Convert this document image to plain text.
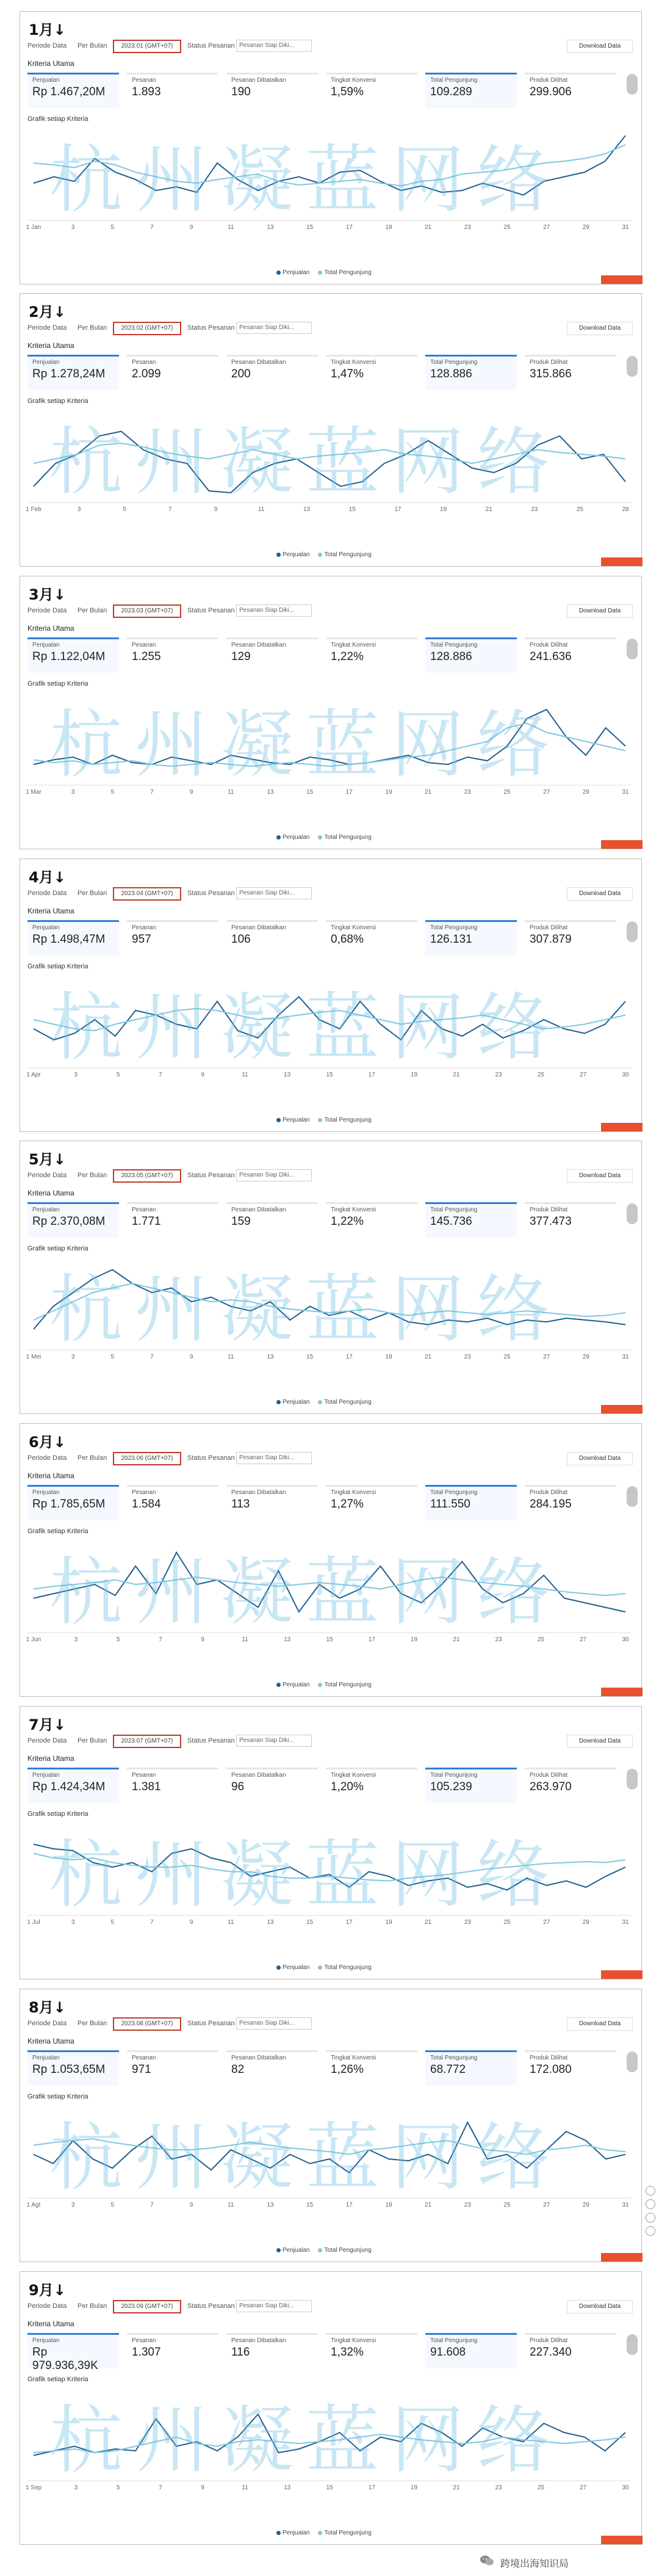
1月↓
Periode Data Per Bulan	2023.01 (GMT+07)	Status Pesanan Pesanan Siap Diki...	Download Data
Kriteria Utama
Penjualan
Rp 1.467,20M
Pesanan
1.893
Pesanan Dibatalkan
190
Tingkat Konversi
1,59%
Total Pengunjung
109.289
Produk Dilihat
299.906
Grafik setiap Kriteria
1 Jan	3	5	7	9	11	13	15	17	19	21	23	25	27	29	31
Penjualan Total Pengunjung
杭州凝蓝网络
2月↓
Periode Data Per Bulan	2023.02 (GMT+07)	Status Pesanan Pesanan Siap Diki...	Download Data
Kriteria Utama
Penjualan
Rp 1.278,24M
Pesanan
2.099
Pesanan Dibatalkan
200
Tingkat Konversi
1,47%
Total Pengunjung
128.886
Produk Dilihat
315.866
Grafik setiap Kriteria
1 Feb	3	5	7	9	11	13	15	17	19	21	23	25	28
Penjualan Total Pengunjung
杭州凝蓝网络
3月↓
Periode Data Per Bulan	2023.03 (GMT+07)	Status Pesanan Pesanan Siap Diki...	Download Data
Kriteria Utama
Penjualan
Rp 1.122,04M
Pesanan
1.255
Pesanan Dibatalkan
129
Tingkat Konversi
1,22%
Total Pengunjung
128.886
Produk Dilihat
241.636
Grafik setiap Kriteria
1 Mar	3	5	7	9	11	13	15	17	19	21	23	25	27	29	31
Penjualan Total Pengunjung
杭州凝蓝网络
4月↓
Periode Data Per Bulan	2023.04 (GMT+07)	Status Pesanan Pesanan Siap Diki...	Download Data
Kriteria Utama
Penjualan
Rp 1.498,47M
Pesanan
957
Pesanan Dibatalkan
106
Tingkat Konversi
0,68%
Total Pengunjung
126.131
Produk Dilihat
307.879
Grafik setiap Kriteria
1 Apr	3	5	7	9	11	13	15	17	19	21	23	25	27	30
Penjualan Total Pengunjung
杭州凝蓝网络
5月↓
Periode Data Per Bulan	2023.05 (GMT+07)	Status Pesanan Pesanan Siap Diki...	Download Data
Kriteria Utama
Penjualan
Rp 2.370,08M
Pesanan
1.771
Pesanan Dibatalkan
159
Tingkat Konversi
1,22%
Total Pengunjung
145.736
Produk Dilihat
377.473
Grafik setiap Kriteria
1 Mei	3	5	7	9	11	13	15	17	19	21	23	25	27	29	31
Penjualan Total Pengunjung
杭州凝蓝网络
6月↓
Periode Data Per Bulan	2023.06 (GMT+07)	Status Pesanan Pesanan Siap Diki...	Download Data
Kriteria Utama
Penjualan
Rp 1.785,65M
Pesanan
1.584
Pesanan Dibatalkan
113
Tingkat Konversi
1,27%
Total Pengunjung
111.550
Produk Dilihat
284.195
Grafik setiap Kriteria
1 Jun	3	5	7	9	11	13	15	17	19	21	23	25	27	30
Penjualan Total Pengunjung
杭州凝蓝网络
7月↓
Periode Data Per Bulan	2023.07 (GMT+07)	Status Pesanan Pesanan Siap Diki...	Download Data
Kriteria Utama
Penjualan
Rp 1.424,34M
Pesanan
1.381
Pesanan Dibatalkan
96
Tingkat Konversi
1,20%
Total Pengunjung
105.239
Produk Dilihat
263.970
Grafik setiap Kriteria
1 Jul	3	5	7	9	11	13	15	17	19	21	23	25	27	29	31
Penjualan Total Pengunjung
杭州凝蓝网络
8月↓
Periode Data Per Bulan	2023.08 (GMT+07)	Status Pesanan Pesanan Siap Diki...	Download Data
Kriteria Utama
Penjualan
Rp 1.053,65M
Pesanan
971
Pesanan Dibatalkan
82
Tingkat Konversi
1,26%
Total Pengunjung
68.772
Produk Dilihat
172.080
Grafik setiap Kriteria
1 Agt	3	5	7	9	11	13	15	17	19	21	23	25	27	29	31
Penjualan Total Pengunjung
杭州凝蓝网络
9月↓
Periode Data Per Bulan	2023.09 (GMT+07)	Status Pesanan Pesanan Siap Diki...	Download Data
Kriteria Utama
Penjualan
Rp 979.936,39K
Pesanan
1.307
Pesanan Dibatalkan
116
Tingkat Konversi
1,32%
Total Pengunjung
91.608
Produk Dilihat
227.340
Grafik setiap Kriteria
1 Sep	3	5	7	9	11	13	15	17	19	21	23	25	27	30
Penjualan Total Pengunjung
杭州凝蓝网络
跨境出海知识局
